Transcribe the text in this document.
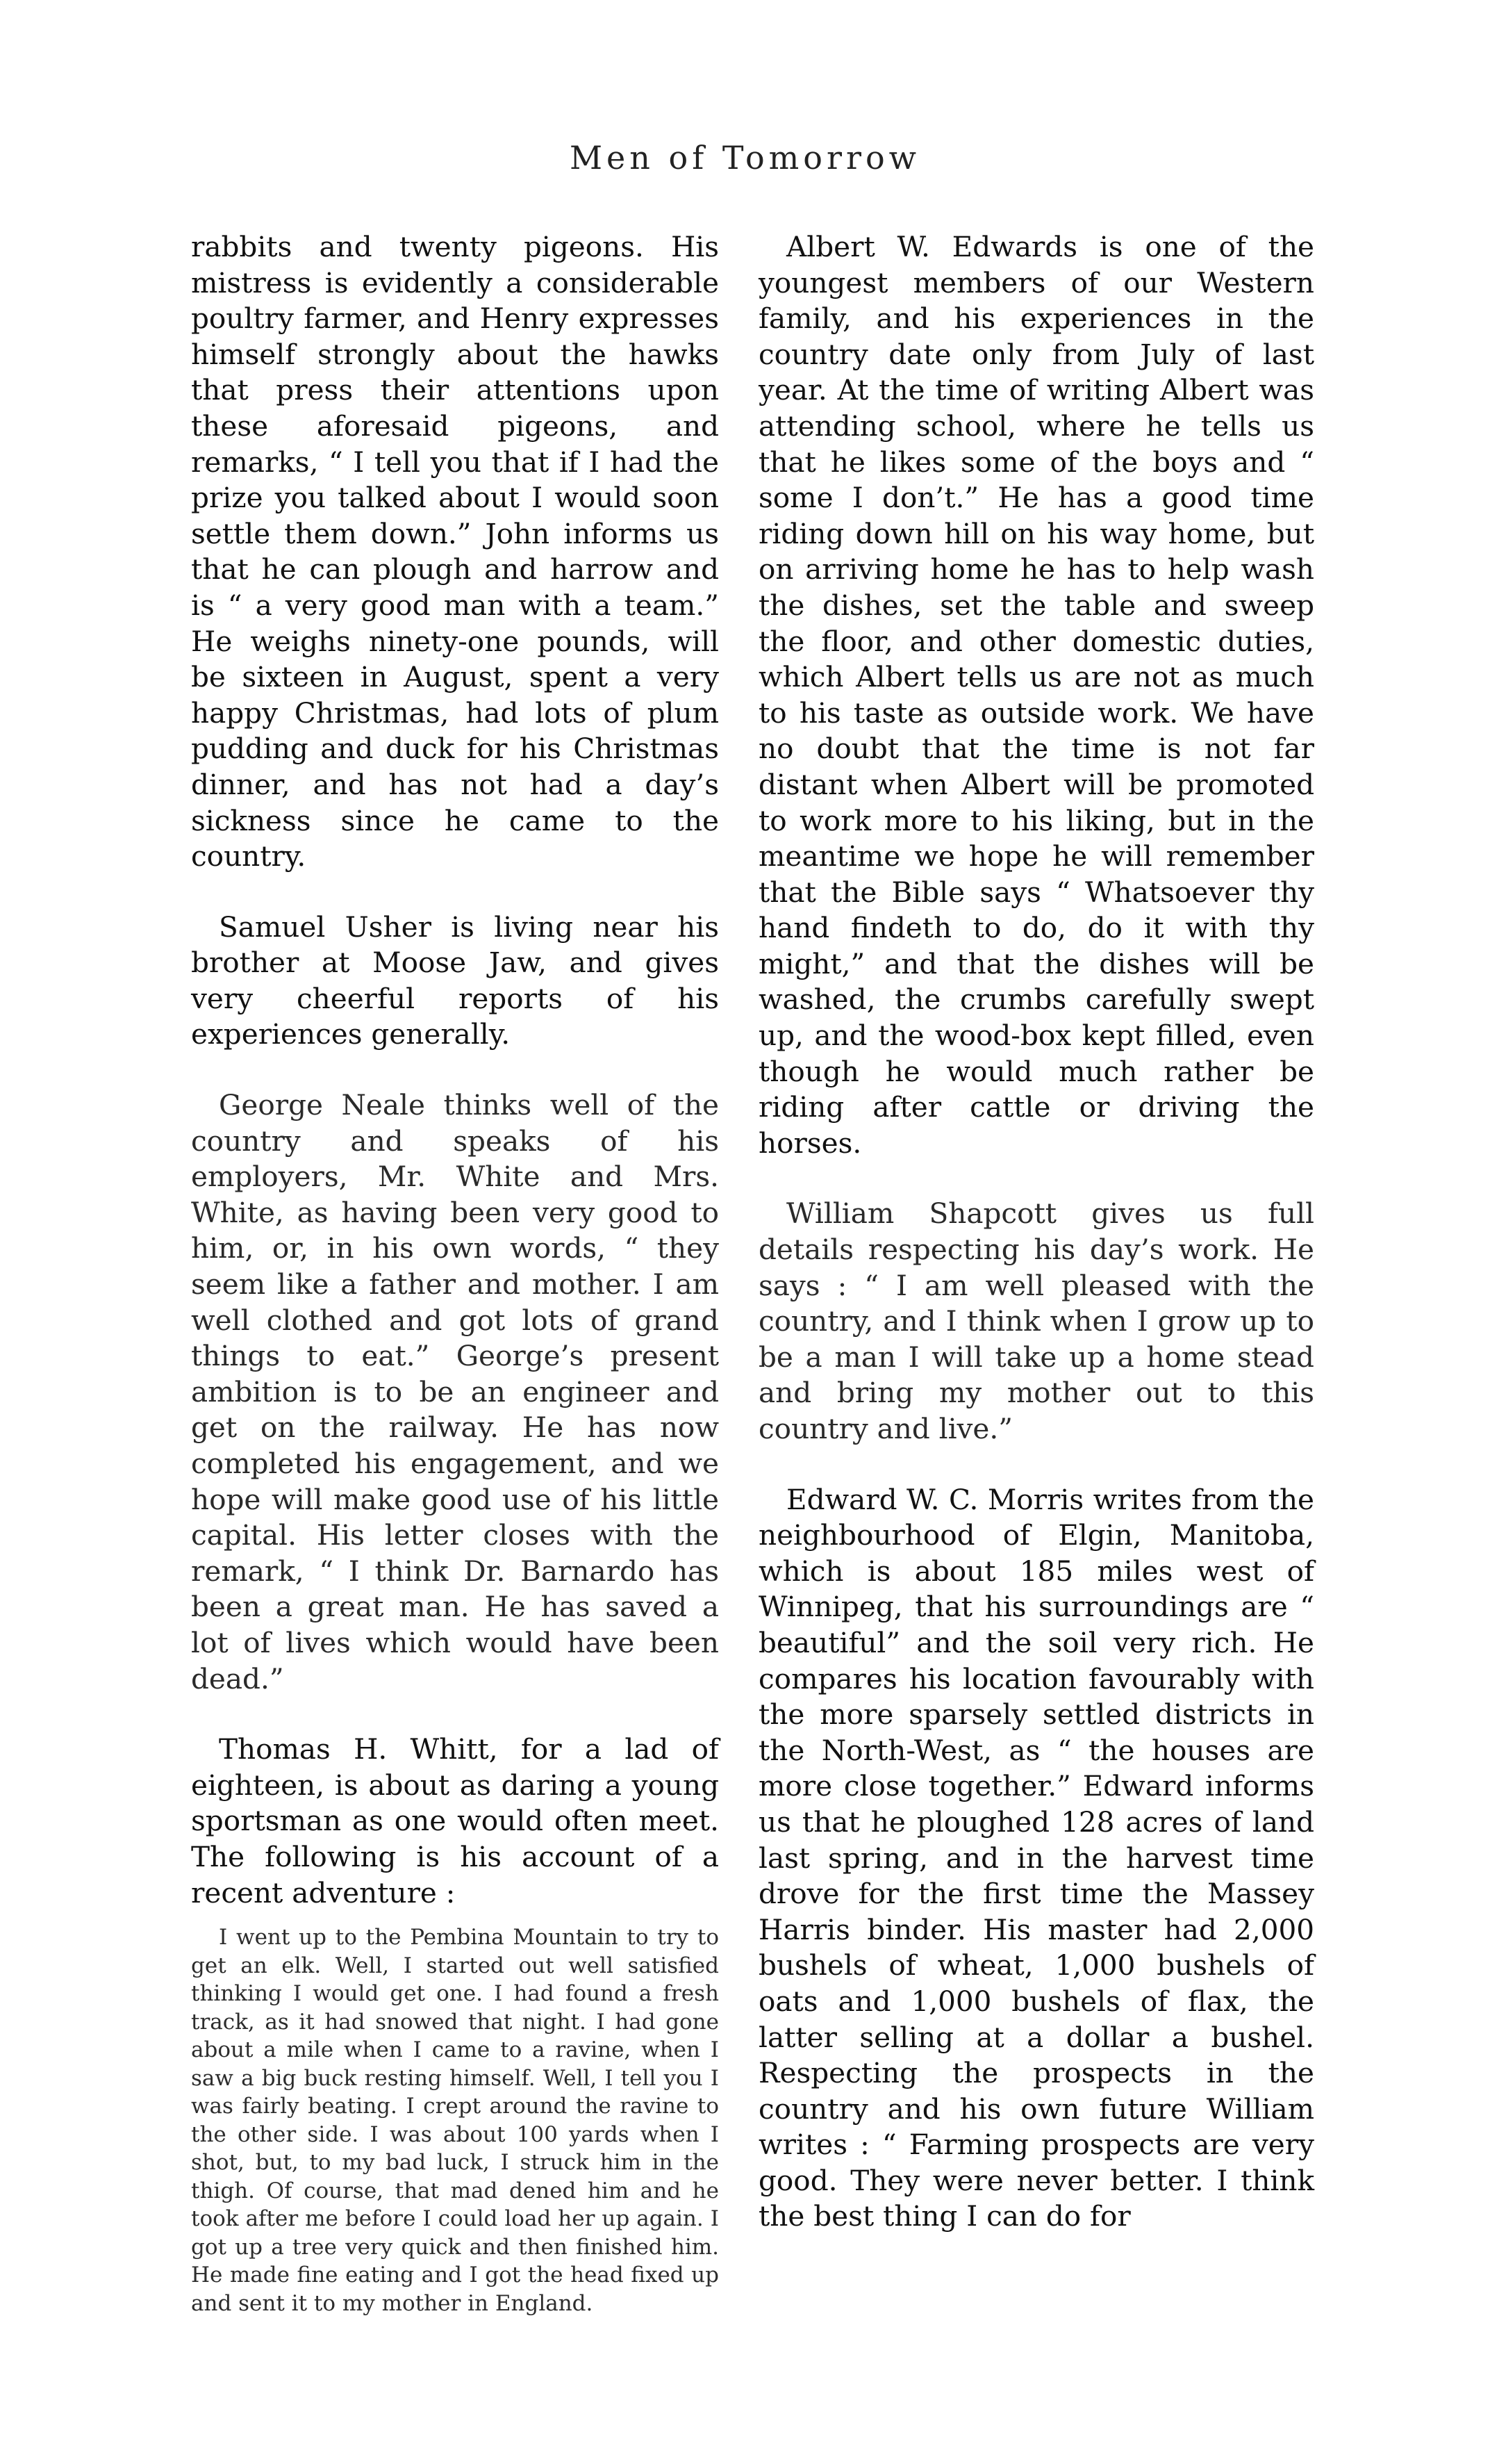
Men of Tomorrow

rabbits and twenty pigeons. His mistress is evidently a considerable poultry farmer, and Henry expresses himself strongly about the hawks that press their attentions upon these aforesaid pigeons, and remarks, “ I tell you that if I had the prize you talked about I would soon settle them down.” John informs us that he can plough and harrow and is “ a very good man with a team.” He weighs ninety-one pounds, will be sixteen in August, spent a very happy Christmas, had lots of plum pudding and duck for his Christmas dinner, and has not had a day’s sickness since he came to the country.

Samuel Usher is living near his brother at Moose Jaw, and gives very cheerful reports of his experiences generally.

George Neale thinks well of the country and speaks of his employers, Mr. White and Mrs. White, as having been very good to him, or, in his own words, “ they seem like a father and mother. I am well clothed and got lots of grand things to eat.” George’s present ambition is to be an engineer and get on the railway. He has now completed his engagement, and we hope will make good use of his little capital. His letter closes with the remark, “ I think Dr. Barnardo has been a great man. He has saved a lot of lives which would have been dead.”

Thomas H. Whitt, for a lad of eighteen, is about as daring a young sportsman as one would often meet. The following is his account of a recent adventure :

I went up to the Pembina Mountain to try to get an elk. Well, I started out well satisfied thinking I would get one. I had found a fresh track, as it had snowed that night. I had gone about a mile when I came to a ravine, when I saw a big buck resting himself. Well, I tell you I was fairly beating. I crept around the ravine to the other side. I was about 100 yards when I shot, but, to my bad luck, I struck him in the thigh. Of course, that mad dened him and he took after me before I could load her up again. I got up a tree very quick and then finished him. He made fine eating and I got the head fixed up and sent it to my mother in England.

Albert W. Edwards is one of the youngest members of our Western family, and his experiences in the country date only from July of last year. At the time of writing Albert was attending school, where he tells us that he likes some of the boys and “ some I don’t.” He has a good time riding down hill on his way home, but on arriving home he has to help wash the dishes, set the table and sweep the floor, and other domestic duties, which Albert tells us are not as much to his taste as outside work. We have no doubt that the time is not far distant when Albert will be promoted to work more to his liking, but in the meantime we hope he will remember that the Bible says “ Whatsoever thy hand findeth to do, do it with thy might,” and that the dishes will be washed, the crumbs carefully swept up, and the wood-box kept filled, even though he would much rather be riding after cattle or driving the horses.

William Shapcott gives us full details respecting his day’s work. He says : “ I am well pleased with the country, and I think when I grow up to be a man I will take up a home stead and bring my mother out to this country and live.”

Edward W. C. Morris writes from the neighbourhood of Elgin, Manitoba, which is about 185 miles west of Winnipeg, that his surroundings are “ beautiful” and the soil very rich. He compares his location favourably with the more sparsely settled districts in the North-West, as “ the houses are more close together.” Edward informs us that he ploughed 128 acres of land last spring, and in the harvest time drove for the first time the Massey Harris binder. His master had 2,000 bushels of wheat, 1,000 bushels of oats and 1,000 bushels of flax, the latter selling at a dollar a bushel. Respecting the prospects in the country and his own future William writes : “ Farming prospects are very good. They were never better. I think the best thing I can do for
